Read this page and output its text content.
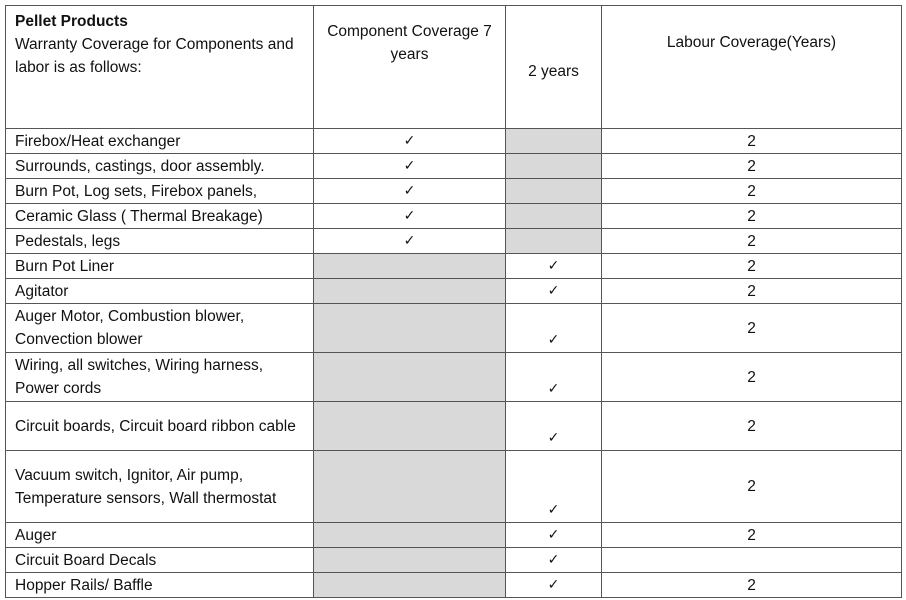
Pellet Products
Warranty Coverage for Components and labor is as follows:	Component Coverage 7 years	2 years	Labour Coverage(Years)
Firebox/Heat exchanger	✓		2
Surrounds, castings, door assembly.	✓		2
Burn Pot, Log sets, Firebox panels,	✓		2
Ceramic Glass ( Thermal Breakage)	✓		2
Pedestals, legs	✓		2
Burn Pot Liner		✓	2
Agitator		✓	2
Auger Motor, Combustion blower, Convection blower		✓	2
Wiring, all switches, Wiring harness, Power cords		✓	2
Circuit boards, Circuit board ribbon cable		✓	2
Vacuum switch, Ignitor, Air pump, Temperature sensors, Wall thermostat		✓	2
Auger		✓	2
Circuit Board Decals		✓	
Hopper Rails/ Baffle		✓	2
